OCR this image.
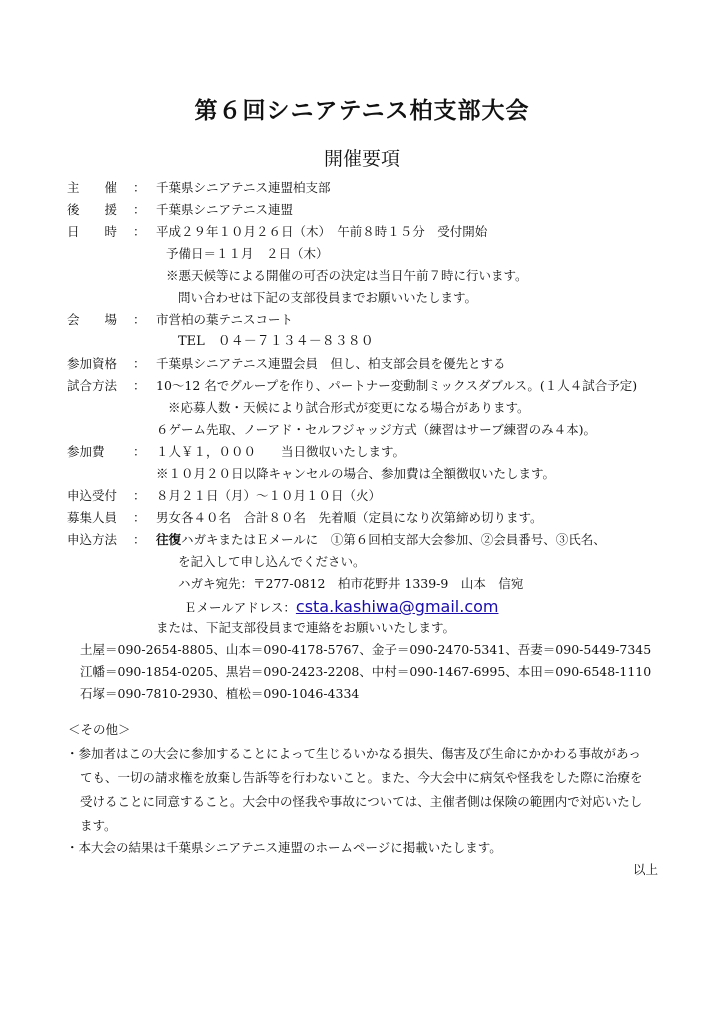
第６回シニアテニス柏支部大会
開催要項
主　　催 ： 千葉県シニアテニス連盟柏支部
後　　援 ： 千葉県シニアテニス連盟
日　　時 ： 平成２９年１０月２６日（木）　午前８時１５分　受付開始
予備日＝１１月　２日（木）
※悪天候等による開催の可否の決定は当日午前７時に行います。
問い合わせは下記の支部役員までお願いいたします。
会　　場 ： 市営柏の葉テニスコート
TEL　０４－７１３４－８３８０
参加資格 ： 千葉県シニアテニス連盟会員　但し、柏支部会員を優先とする
試合方法 ： 10～12 名でグループを作り、パートナー変動制ミックスダブルス。(１人４試合予定)
※応募人数・天候により試合形式が変更になる場合があります。
６ゲーム先取、ノーアド・セルフジャッジ方式（練習はサーブ練習のみ４本)。
参加費 ： １人￥１，０００　　当日徴収いたします。
※１０月２０日以降キャンセルの場合、参加費は全額徴収いたします。
申込受付 ： ８月２１日（月）～１０月１０日（火）
募集人員 ： 男女各４０名　合計８０名　先着順（定員になり次第締め切ります。
申込方法 ： 往復ハガキまたはＥメールに　①第６回柏支部大会参加、②会員番号、③氏名、
を記入して申し込んでください。
ハガキ宛先：〒277-0812　柏市花野井 1339-9　山本　信宛
Ｅメールアドレス：csta.kashiwa@gmail.com
または、下記支部役員まで連絡をお願いいたします。
土屋＝090-2654-8805、山本＝090-4178-5767、金子＝090-2470-5341、吾妻＝090-5449-7345
江幡＝090-1854-0205、黒岩＝090-2423-2208、中村＝090-1467-6995、本田＝090-6548-1110
石塚＝090-7810-2930、植松＝090-1046-4334
＜その他＞
・参加者はこの大会に参加することによって生じるいかなる損失、傷害及び生命にかかわる事故があっ
ても、一切の請求権を放棄し告訴等を行わないこと。また、今大会中に病気や怪我をした際に治療を
受けることに同意すること。大会中の怪我や事故については、主催者側は保険の範囲内で対応いたし
ます。
・本大会の結果は千葉県シニアテニス連盟のホームページに掲載いたします。
以上
